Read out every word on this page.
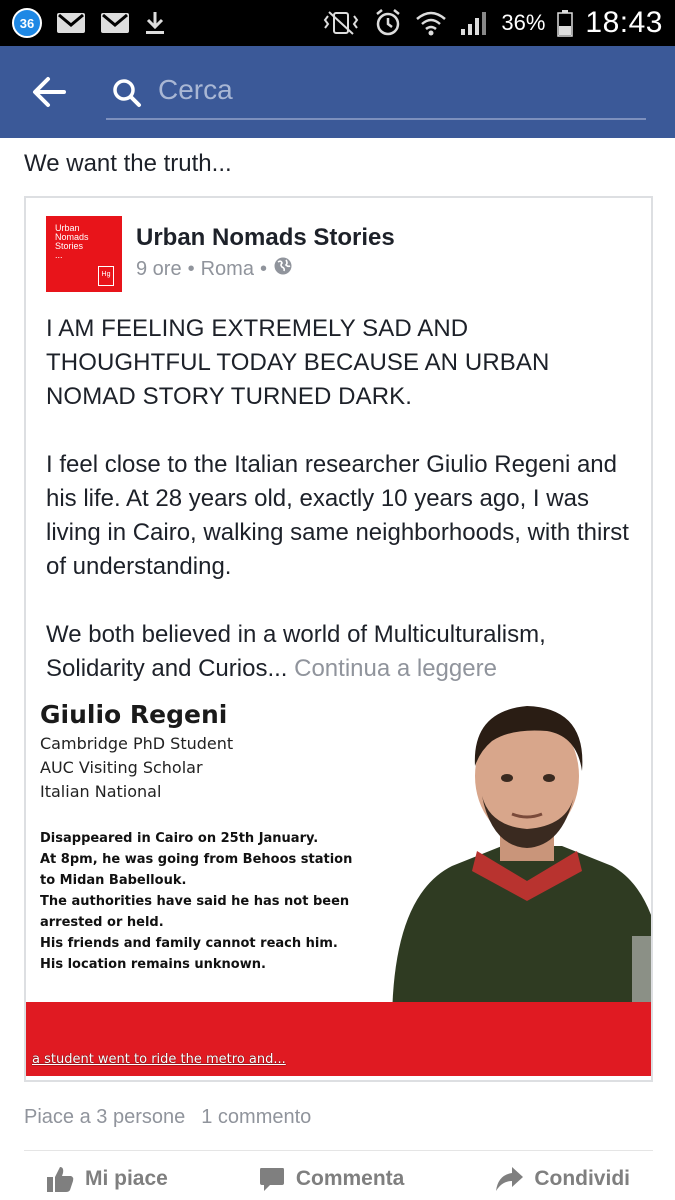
36	36% 18:43
Cerca
We want the truth...
Urban
Nomads
Stories
...
Hg
Urban Nomads Stories
9 ore • Roma •

I AM FEELING EXTREMELY SAD AND THOUGHTFUL TODAY BECAUSE AN URBAN NOMAD STORY TURNED DARK.

I feel close to the Italian researcher Giulio Regeni and his life. At 28 years old, exactly 10 years ago, I was living in Cairo, walking same neighborhoods, with thirst of understanding.

We both believed in a world of Multiculturalism, Solidarity and Curios... Continua a leggere

Giulio Regeni
Cambridge PhD Student
AUC Visiting Scholar
Italian National
Disappeared in Cairo on 25th January.
At 8pm, he was going from Behoos station
to Midan Babellouk.
The authorities have said he has not been
arrested or held.
His friends and family cannot reach him.
His location remains unknown.
a student went to ride the metro and...
Piace a 3 persone 1 commento
Mi piace	Commenta	Condividi
